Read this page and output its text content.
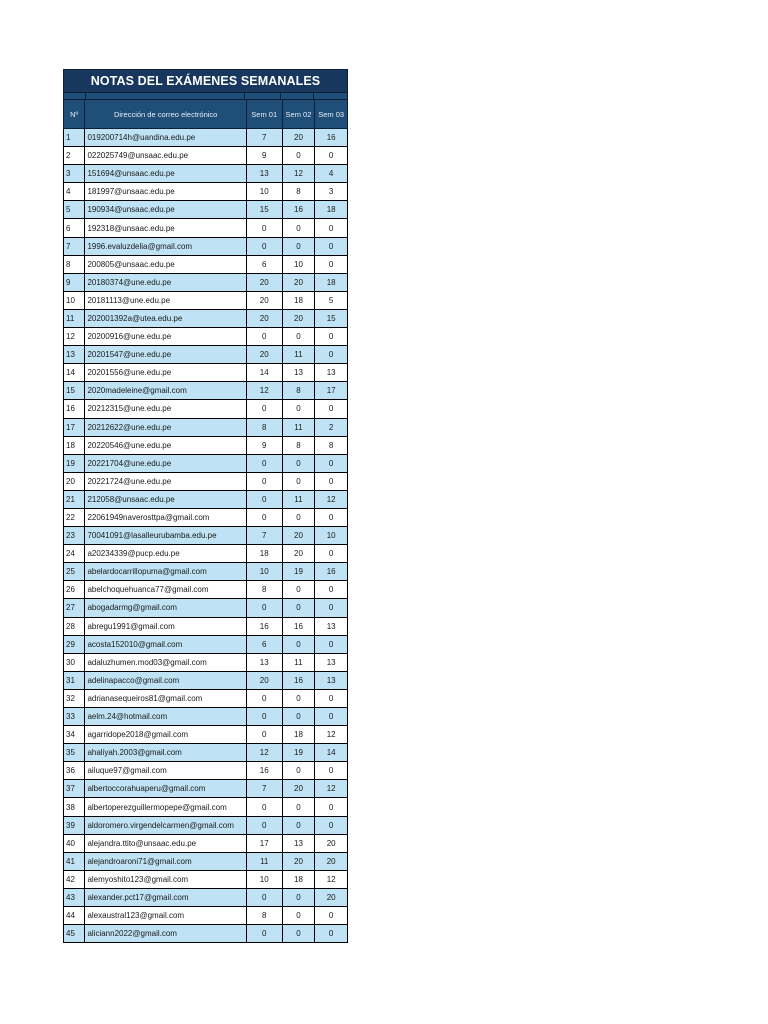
NOTAS DEL EXÁMENES SEMANALES
Nº	Dirección de correo electrónico	Sem 01	Sem 02	Sem 03
1	019200714h@uandina.edu.pe	7	20	16
2	022025749@unsaac.edu.pe	9	0	0
3	151694@unsaac.edu.pe	13	12	4
4	181997@unsaac.edu.pe	10	8	3
5	190934@unsaac.edu.pe	15	16	18
6	192318@unsaac.edu.pe	0	0	0
7	1996.evaluzdelia@gmail.com	0	0	0
8	200805@unsaac.edu.pe	6	10	0
9	20180374@une.edu.pe	20	20	18
10	20181113@une.edu.pe	20	18	5
11	202001392a@utea.edu.pe	20	20	15
12	20200916@une.edu.pe	0	0	0
13	20201547@une.edu.pe	20	11	0
14	20201556@une.edu.pe	14	13	13
15	2020madeleine@gmail.com	12	8	17
16	20212315@une.edu.pe	0	0	0
17	20212622@une.edu.pe	8	11	2
18	20220546@une.edu.pe	9	8	8
19	20221704@une.edu.pe	0	0	0
20	20221724@une.edu.pe	0	0	0
21	212058@unsaac.edu.pe	0	11	12
22	22061949naverosttpa@gmail.com	0	0	0
23	70041091@lasalleurubamba.edu.pe	7	20	10
24	a20234339@pucp.edu.pe	18	20	0
25	abelardocarrillopuma@gmail.com	10	19	16
26	abelchoquehuanca77@gmail.com	8	0	0
27	abogadarmg@gmail.com	0	0	0
28	abregu1991@gmail.com	16	16	13
29	acosta152010@gmail.com	6	0	0
30	adaluzhumen.mod03@gmail.com	13	11	13
31	adelinapacco@gmail.com	20	16	13
32	adrianasequeiros81@gmail.com	0	0	0
33	aelm.24@hotmail.com	0	0	0
34	agarridope2018@gmail.com	0	18	12
35	ahaliyah.2003@gmail.com	12	19	14
36	ailuque97@gmail.com	16	0	0
37	albertoccorahuaperu@gmail.com	7	20	12
38	albertoperezguillermopepe@gmail.com	0	0	0
39	aldoromero.virgendelcarmen@gmail.com	0	0	0
40	alejandra.ttito@unsaac.edu.pe	17	13	20
41	alejandroaroni71@gmail.com	11	20	20
42	alemyoshito123@gmail.com	10	18	12
43	alexander.pct17@gmail.com	0	0	20
44	alexaustral123@gmail.com	8	0	0
45	aliciann2022@gmail.com	0	0	0
